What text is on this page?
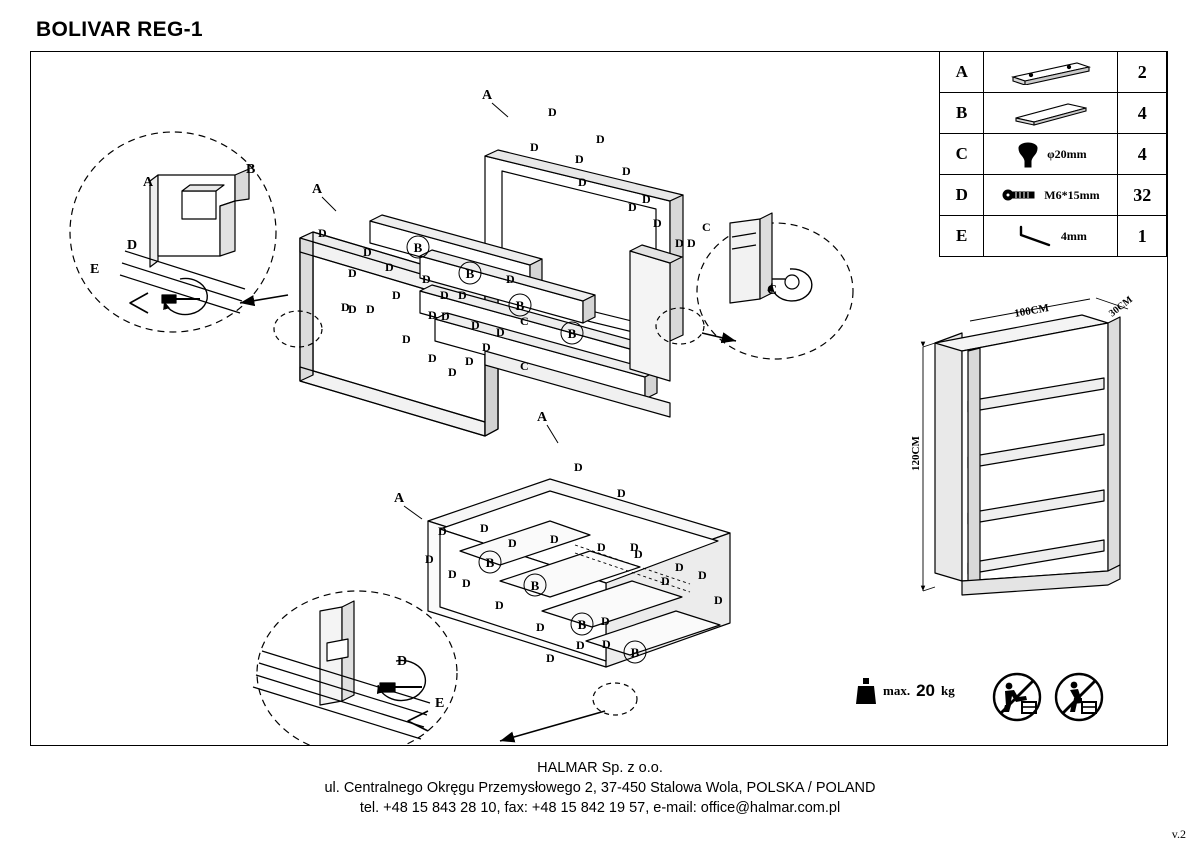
BOLIVAR REG-1
B
B
B
B
B
B
B
B
A
A
A
A
D
D
D
D
D
D
D
D
D
D
D
D
D
D
D	D
D	D
D	D
D
D
D
D
D
D
D
D
D
D
D
D
C
C
C
D
D
D	D
D	D
D D
D
D
D
D
D
D
D
D
D
D D
D
D
D
A
B
D
E
C
D
E
100CM	30CM
120CM
A		2
B		4
C	φ20mm	4
D	M6*15mm	32
E	4mm	1
max. 20 kg
v.2
HALMAR Sp. z o.o.
ul. Centralnego Okręgu Przemysłowego 2, 37-450 Stalowa Wola, POLSKA / POLAND
tel. +48 15 843 28 10, fax: +48 15 842 19 57, e-mail: office@halmar.com.pl
